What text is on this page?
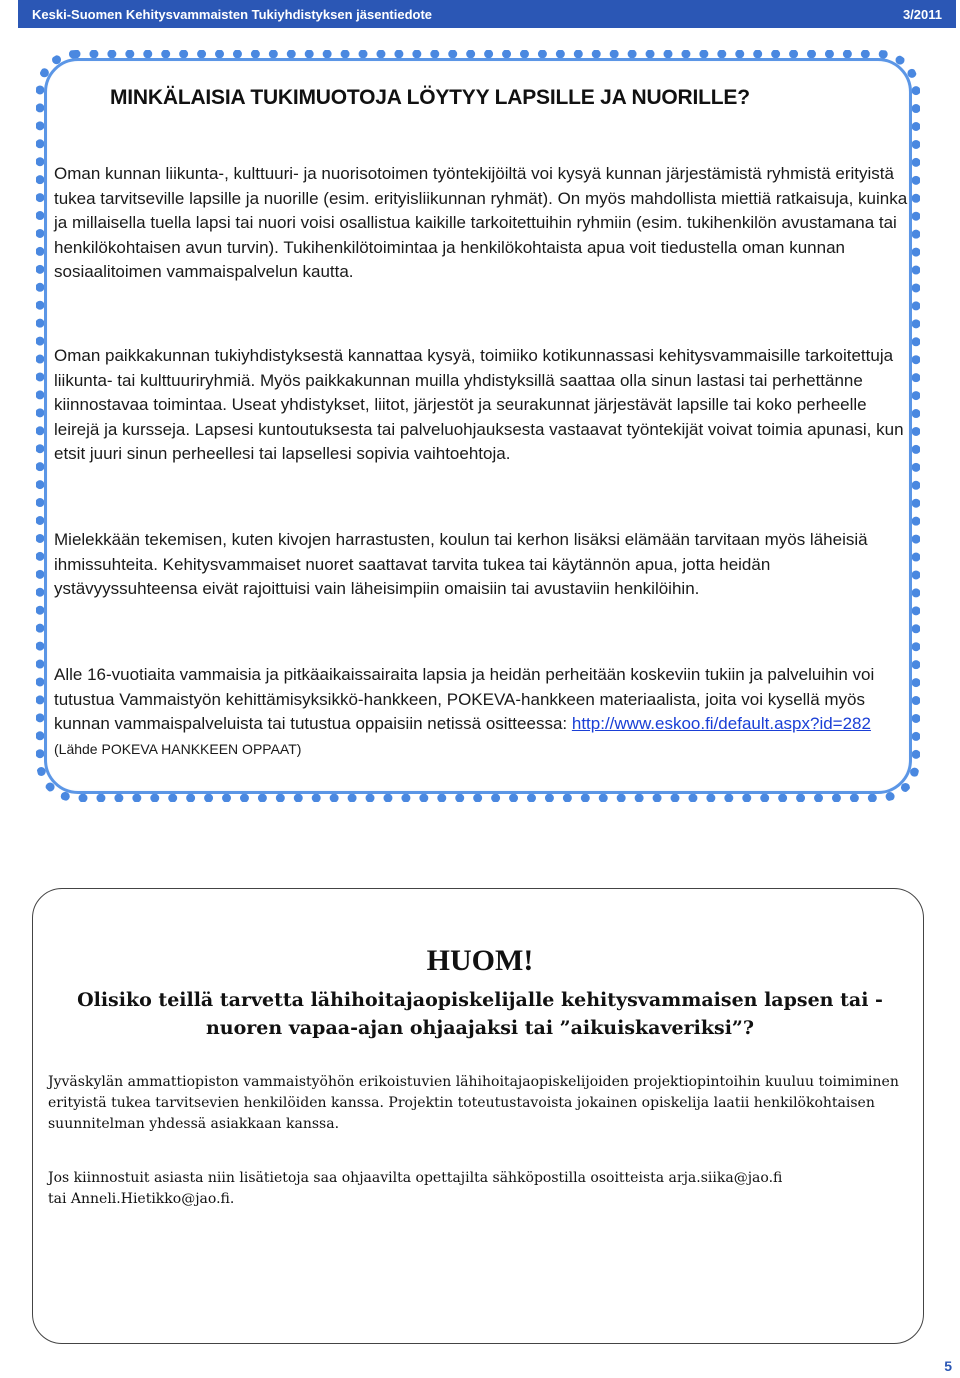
Keski-Suomen Kehitysvammaisten Tukiyhdistyksen jäsentiedote	3/2011
MINKÄLAISIA TUKIMUOTOJA LÖYTYY LAPSILLE JA NUORILLE?

Oman kunnan liikunta-, kulttuuri- ja nuorisotoimen työntekijöiltä voi kysyä kunnan järjestämistä ryhmistä erityistä tukea tarvitseville lapsille ja nuorille (esim. erityisliikunnan ryhmät). On myös mahdollista miettiä ratkaisuja, kuinka ja millaisella tuella lapsi tai nuori voisi osallistua kaikille tarkoitettuihin ryhmiin (esim. tukihenkilön avustamana tai henkilökohtaisen avun turvin). Tukihenkilötoimintaa ja henkilökohtaista apua voit tiedustella oman kunnan sosiaalitoimen vammaispalvelun kautta.

Oman paikkakunnan tukiyhdistyksestä kannattaa kysyä, toimiiko kotikunnassasi kehitysvammaisille tarkoitettuja liikunta- tai kulttuuriryhmiä. Myös paikkakunnan muilla yhdistyksillä saattaa olla sinun lastasi tai perhettänne kiinnostavaa toimintaa. Useat yhdistykset, liitot, järjestöt ja seurakunnat järjestävät lapsille tai koko perheelle leirejä ja kursseja. Lapsesi kuntoutuksesta tai palveluohjauksesta vastaavat työntekijät voivat toimia apunasi, kun etsit juuri sinun perheellesi tai lapsellesi sopivia vaihtoehtoja.

Mielekkään tekemisen, kuten kivojen harrastusten, koulun tai kerhon lisäksi elämään tarvitaan myös läheisiä ihmissuhteita. Kehitysvammaiset nuoret saattavat tarvita tukea tai käytännön apua, jotta heidän ystävyyssuhteensa eivät rajoittuisi vain läheisimpiin omaisiin tai avustaviin henkilöihin.

Alle 16-vuotiaita vammaisia ja pitkäaikaissairaita lapsia ja heidän perheitään koskeviin tukiin ja palveluihin voi tutustua Vammaistyön kehittämisyksikkö-hankkeen, POKEVA-hankkeen materiaalista, joita voi kysellä myös kunnan vammaispalveluista tai tutustua oppaisiin netissä ositteessa: http://www.eskoo.fi/default.aspx?id=282 (Lähde POKEVA HANKKEEN OPPAAT)

HUOM!
Olisiko teillä tarvetta lähihoitajaopiskelijalle kehitysvammaisen lapsen tai -nuoren vapaa-ajan ohjaajaksi tai ”aikuiskaveriksi”?

Jyväskylän ammattiopiston vammaistyöhön erikoistuvien lähihoitajaopiskelijoiden projektiopintoihin kuuluu toimiminen erityistä tukea tarvitsevien henkilöiden kanssa. Projektin toteutustavoista jokainen opiskelija laatii henkilökohtaisen suunnitelman yhdessä asiakkaan kanssa.

Jos kiinnostuit asiasta niin lisätietoja saa ohjaavilta opettajilta sähköpostilla osoitteista arja.siika@jao.fi
tai Anneli.Hietikko@jao.fi.

5
